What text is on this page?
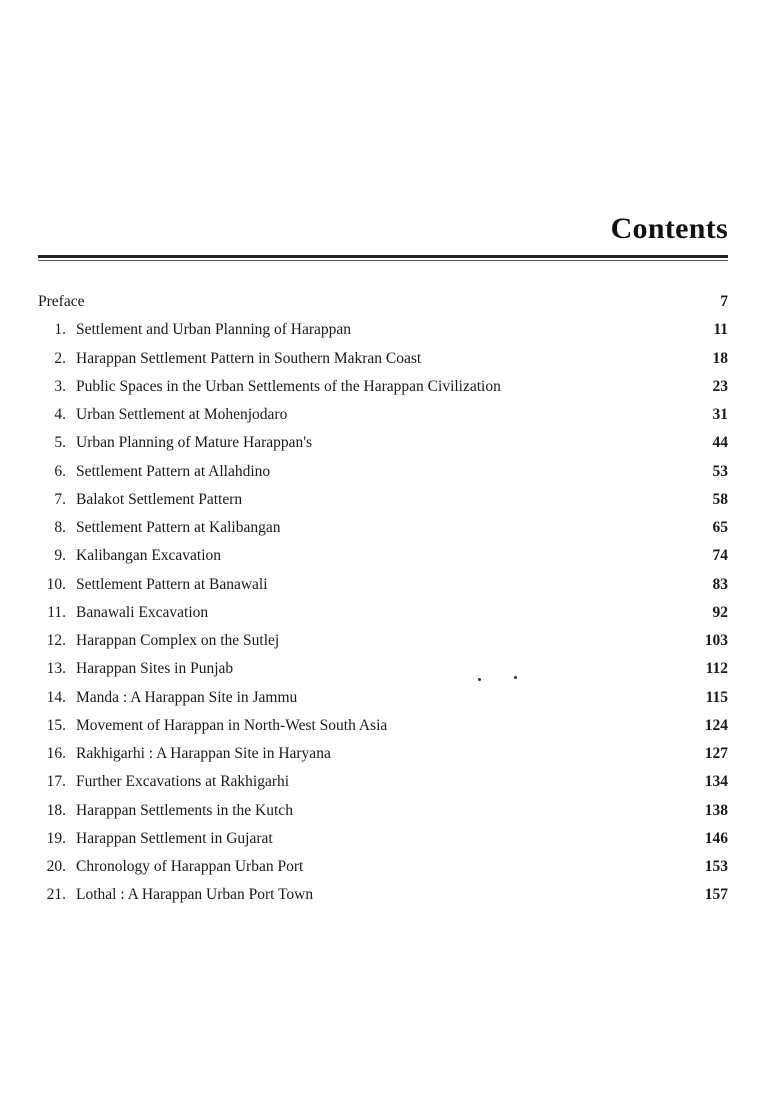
Contents
Preface	7
1. Settlement and Urban Planning of Harappan	11
2. Harappan Settlement Pattern in Southern Makran Coast	18
3. Public Spaces in the Urban Settlements of the Harappan Civilization	23
4. Urban Settlement at Mohenjodaro	31
5. Urban Planning of Mature Harappan's	44
6. Settlement Pattern at Allahdino	53
7. Balakot Settlement Pattern	58
8. Settlement Pattern at Kalibangan	65
9. Kalibangan Excavation	74
10. Settlement Pattern at Banawali	83
11. Banawali Excavation	92
12. Harappan Complex on the Sutlej	103
13. Harappan Sites in Punjab	112
14. Manda : A Harappan Site in Jammu	115
15. Movement of Harappan in North-West South Asia	124
16. Rakhigarhi : A Harappan Site in Haryana	127
17. Further Excavations at Rakhigarhi	134
18. Harappan Settlements in the Kutch	138
19. Harappan Settlement in Gujarat	146
20. Chronology of Harappan Urban Port	153
21. Lothal : A Harappan Urban Port Town	157
